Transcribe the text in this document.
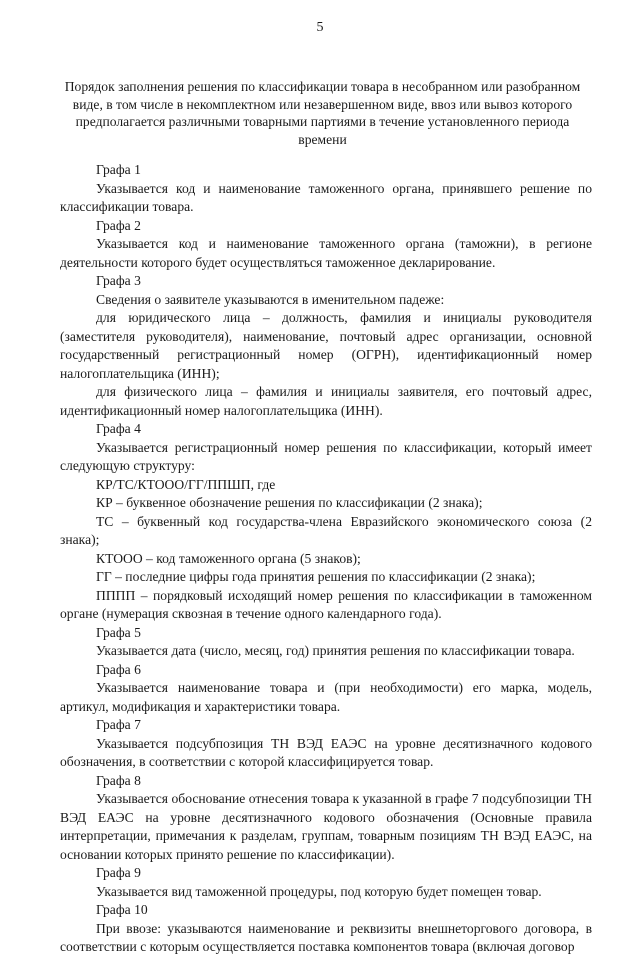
5
Порядок заполнения решения по классификации товара в несобранном или разобранном виде, в том числе в некомплектном или незавершенном виде, ввоз или вывоз которого предполагается различными товарными партиями в течение установленного периода времени

Графа 1

Указывается код и наименование таможенного органа, принявшего решение по классификации товара.

Графа 2

Указывается код и наименование таможенного органа (таможни), в регионе деятельности которого будет осуществляться таможенное декларирование.

Графа 3

Сведения о заявителе указываются в именительном падеже:

для юридического лица – должность, фамилия и инициалы руководителя (заместителя руководителя), наименование, почтовый адрес организации, основной государственный регистрационный номер (ОГРН), идентификационный номер налогоплательщика (ИНН);

для физического лица – фамилия и инициалы заявителя, его почтовый адрес, идентификационный номер налогоплательщика (ИНН).

Графа 4

Указывается регистрационный номер решения по классификации, который имеет следующую структуру:

КР/ТС/КТООО/ГГ/ППШП, где

КР – буквенное обозначение решения по классификации (2 знака);

ТС – буквенный код государства-члена Евразийского экономического союза (2 знака);

КТООО – код таможенного органа (5 знаков);

ГГ – последние цифры года принятия решения по классификации (2 знака);

ПППП – порядковый исходящий номер решения по классификации в таможенном органе (нумерация сквозная в течение одного календарного года).

Графа 5

Указывается дата (число, месяц, год) принятия решения по классификации товара.

Графа 6

Указывается наименование товара и (при необходимости) его марка, модель, артикул, модификация и характеристики товара.

Графа 7

Указывается подсубпозиция ТН ВЭД ЕАЭС на уровне десятизначного кодового обозначения, в соответствии с которой классифицируется товар.

Графа 8

Указывается обоснование отнесения товара к указанной в графе 7 подсубпозиции ТН ВЭД ЕАЭС на уровне десятизначного кодового обозначения (Основные правила интерпретации, примечания к разделам, группам, товарным позициям ТН ВЭД ЕАЭС, на основании которых принято решение по классификации).

Графа 9

Указывается вид таможенной процедуры, под которую будет помещен товар.

Графа 10

При ввозе: указываются наименование и реквизиты внешнеторгового договора, в соответствии с которым осуществляется поставка компонентов товара (включая договор
